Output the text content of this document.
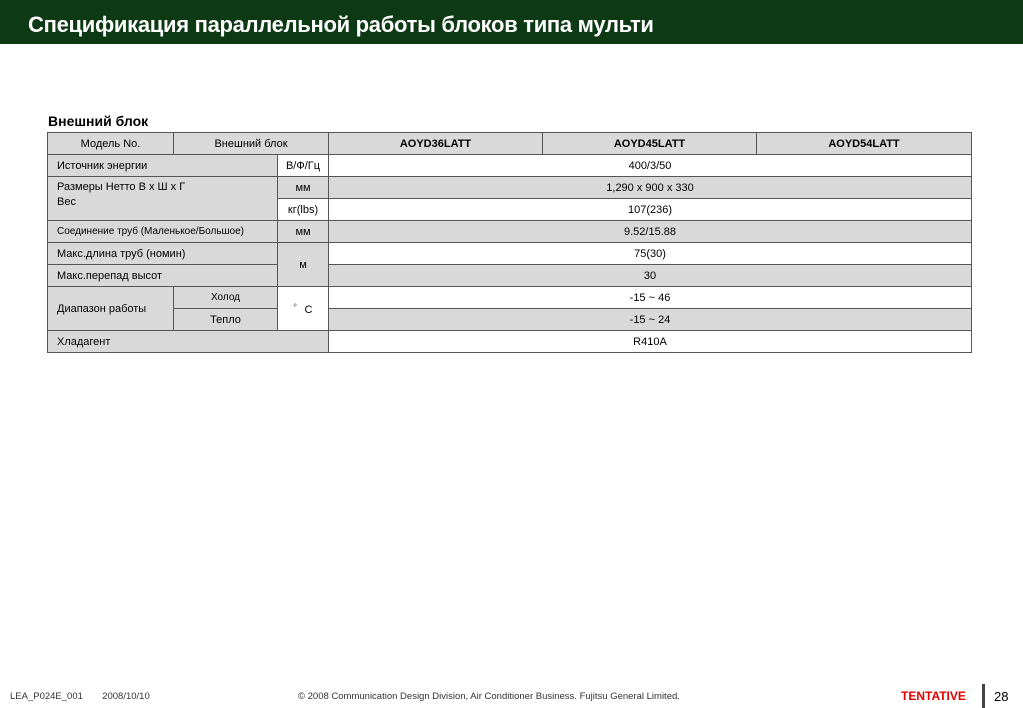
Спецификация параллельной работы блоков типа мульти
Внешний блок
Модель No.	Внешний блок		AOYD36LATT	AOYD45LATT	AOYD54LATT
Источник энергии		В/Ф/Гц	400/3/50		

Размеры Нетто В х Ш х Г
Вес		мм	1,290 x 900 x 330		
		кг(lbs)	107(236)		
Соединение труб (Маленькое/Большое)		мм	9.52/15.88		
Макс.длина труб (номин)		м	75(30)		
Макс.перепад высот			30		
Диапазон работы	Холод	゜C	-15 ~ 46		
	Тепло		-15 ~ 24		
Хладагент			R410A		
LEA_P024E_001 2008/10/10	© 2008 Communication Design Division, Air Conditioner Business. Fujitsu General Limited.	TENTATIVE 28
